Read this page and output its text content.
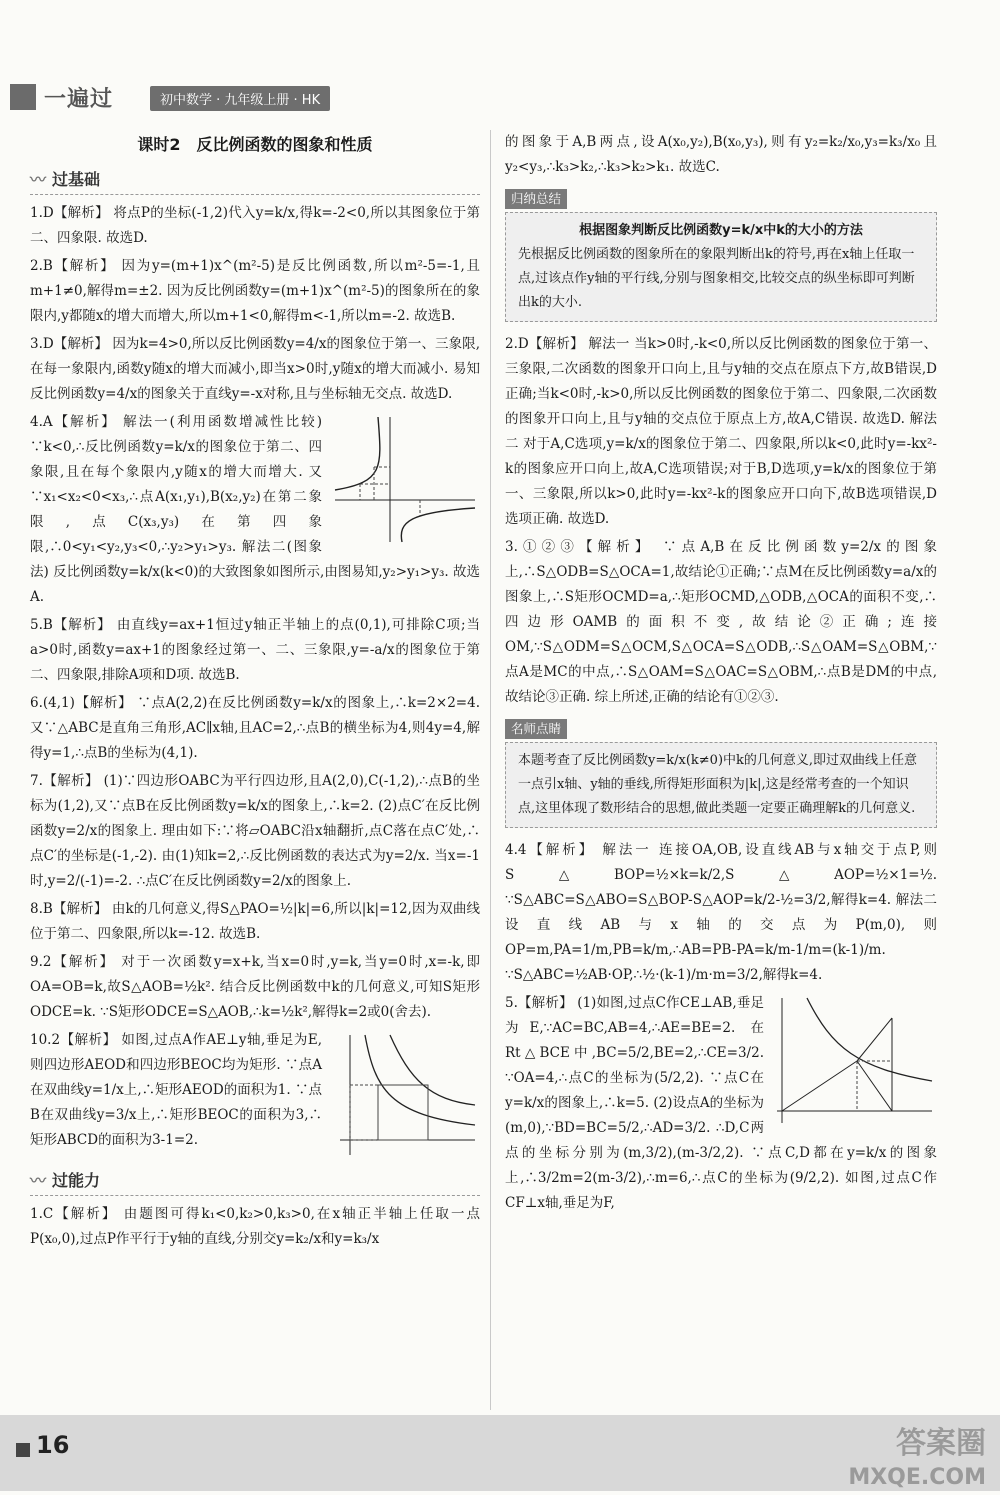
一遍过	初中数学 · 九年级上册 · HK
课时2　反比例函数的图象和性质
〰 过基础

1.D【解析】 将点P的坐标(-1,2)代入y=k/x,得k=-2<0,所以其图象位于第二、四象限. 故选D.

2.B【解析】 因为y=(m+1)x^(m²-5)是反比例函数,所以m²-5=-1,且m+1≠0,解得m=±2. 因为反比例函数y=(m+1)x^(m²-5)的图象所在的象限内,y都随x的增大而增大,所以m+1<0,解得m<-1,所以m=-2. 故选B.

3.D【解析】 因为k=4>0,所以反比例函数y=4/x的图象位于第一、三象限,在每一象限内,函数y随x的增大而减小,即当x>0时,y随x的增大而减小. 易知反比例函数y=4/x的图象关于直线y=-x对称,且与坐标轴无交点. 故选D.

4.A【解析】 解法一(利用函数增减性比较) ∵k<0,∴反比例函数y=k/x的图象位于第二、四象限,且在每个象限内,y随x的增大而增大. 又∵x₁<x₂<0<x₃,∴点A(x₁,y₁),B(x₂,y₂)在第二象限,点C(x₃,y₃)在第四象限,∴0<y₁<y₂,y₃<0,∴y₂>y₁>y₃. 解法二(图象法) 反比例函数y=k/x(k<0)的大致图象如图所示,由图易知,y₂>y₁>y₃. 故选A.

5.B【解析】 由直线y=ax+1恒过y轴正半轴上的点(0,1),可排除C项;当a>0时,函数y=ax+1的图象经过第一、二、三象限,y=-a/x的图象位于第二、四象限,排除A项和D项. 故选B.

6.(4,1)【解析】 ∵点A(2,2)在反比例函数y=k/x的图象上,∴k=2×2=4. 又∵△ABC是直角三角形,AC∥x轴,且AC=2,∴点B的横坐标为4,则4y=4,解得y=1,∴点B的坐标为(4,1).

7.【解析】 (1)∵四边形OABC为平行四边形,且A(2,0),C(-1,2),∴点B的坐标为(1,2),又∵点B在反比例函数y=k/x的图象上,∴k=2. (2)点C′在反比例函数y=2/x的图象上. 理由如下:∵将▱OABC沿x轴翻折,点C落在点C′处,∴点C′的坐标是(-1,-2). 由(1)知k=2,∴反比例函数的表达式为y=2/x. 当x=-1时,y=2/(-1)=-2. ∴点C′在反比例函数y=2/x的图象上.

8.B【解析】 由k的几何意义,得S△PAO=½|k|=6,所以|k|=12,因为双曲线位于第二、四象限,所以k=-12. 故选B.

9.2【解析】 对于一次函数y=x+k,当x=0时,y=k,当y=0时,x=-k,即OA=OB=k,故S△AOB=½k². 结合反比例函数中k的几何意义,可知S矩形ODCE=k. ∵S矩形ODCE=S△AOB,∴k=½k²,解得k=2或0(舍去).

10.2【解析】 如图,过点A作AE⊥y轴,垂足为E,则四边形AEOD和四边形BEOC均为矩形. ∵点A在双曲线y=1/x上,∴矩形AEOD的面积为1. ∵点B在双曲线y=3/x上,∴矩形BEOC的面积为3,∴矩形ABCD的面积为3-1=2.

〰 过能力

1.C【解析】 由题图可得k₁<0,k₂>0,k₃>0,在x轴正半轴上任取一点P(x₀,0),过点P作平行于y轴的直线,分别交y=k₂/x和y=k₃/x

的图象于A,B两点,设A(x₀,y₂),B(x₀,y₃),则有y₂=k₂/x₀,y₃=k₃/x₀且y₂<y₃,∴k₃>k₂,∴k₃>k₂>k₁. 故选C.

归纳总结
根据图象判断反比例函数y=k/x中k的大小的方法
先根据反比例函数的图象所在的象限判断出k的符号,再在x轴上任取一点,过该点作y轴的平行线,分别与图象相交,比较交点的纵坐标即可判断出k的大小.

2.D【解析】 解法一 当k>0时,-k<0,所以反比例函数的图象位于第一、三象限,二次函数的图象开口向上,且与y轴的交点在原点下方,故B错误,D正确;当k<0时,-k>0,所以反比例函数的图象位于第二、四象限,二次函数的图象开口向上,且与y轴的交点位于原点上方,故A,C错误. 故选D. 解法二 对于A,C选项,y=k/x的图象位于第二、四象限,所以k<0,此时y=-kx²-k的图象应开口向上,故A,C选项错误;对于B,D选项,y=k/x的图象位于第一、三象限,所以k>0,此时y=-kx²-k的图象应开口向下,故B选项错误,D选项正确. 故选D.

3.①②③【解析】 ∵点A,B在反比例函数y=2/x的图象上,∴S△ODB=S△OCA=1,故结论①正确;∵点M在反比例函数y=a/x的图象上,∴S矩形OCMD=a,∴矩形OCMD,△ODB,△OCA的面积不变,∴四边形OAMB的面积不变,故结论②正确;连接OM,∵S△ODM=S△OCM,S△OCA=S△ODB,∴S△OAM=S△OBM,∵点A是MC的中点,∴S△OAM=S△OAC=S△OBM,∴点B是DM的中点,故结论③正确. 综上所述,正确的结论有①②③.

名师点睛
本题考查了反比例函数y=k/x(k≠0)中k的几何意义,即过双曲线上任意一点引x轴、y轴的垂线,所得矩形面积为|k|,这是经常考查的一个知识点,这里体现了数形结合的思想,做此类题一定要正确理解k的几何意义.

4.4【解析】 解法一 连接OA,OB,设直线AB与x轴交于点P,则S△BOP=½×k=k/2,S△AOP=½×1=½. ∵S△ABC=S△ABO=S△BOP-S△AOP=k/2-½=3/2,解得k=4. 解法二 设直线AB与x轴的交点为P(m,0),则OP=m,PA=1/m,PB=k/m,∴AB=PB-PA=k/m-1/m=(k-1)/m. ∵S△ABC=½AB·OP,∴½·(k-1)/m·m=3/2,解得k=4.

5.【解析】 (1)如图,过点C作CE⊥AB,垂足为E,∵AC=BC,AB=4,∴AE=BE=2. 在Rt△BCE中,BC=5/2,BE=2,∴CE=3/2. ∵OA=4,∴点C的坐标为(5/2,2). ∵点C在y=k/x的图象上,∴k=5. (2)设点A的坐标为(m,0),∵BD=BC=5/2,∴AD=3/2. ∴D,C两点的坐标分别为(m,3/2),(m-3/2,2). ∵点C,D都在y=k/x的图象上,∴3/2m=2(m-3/2),∴m=6,∴点C的坐标为(9/2,2). 如图,过点C作CF⊥x轴,垂足为F,

16	答案圈
MXQE.COM
